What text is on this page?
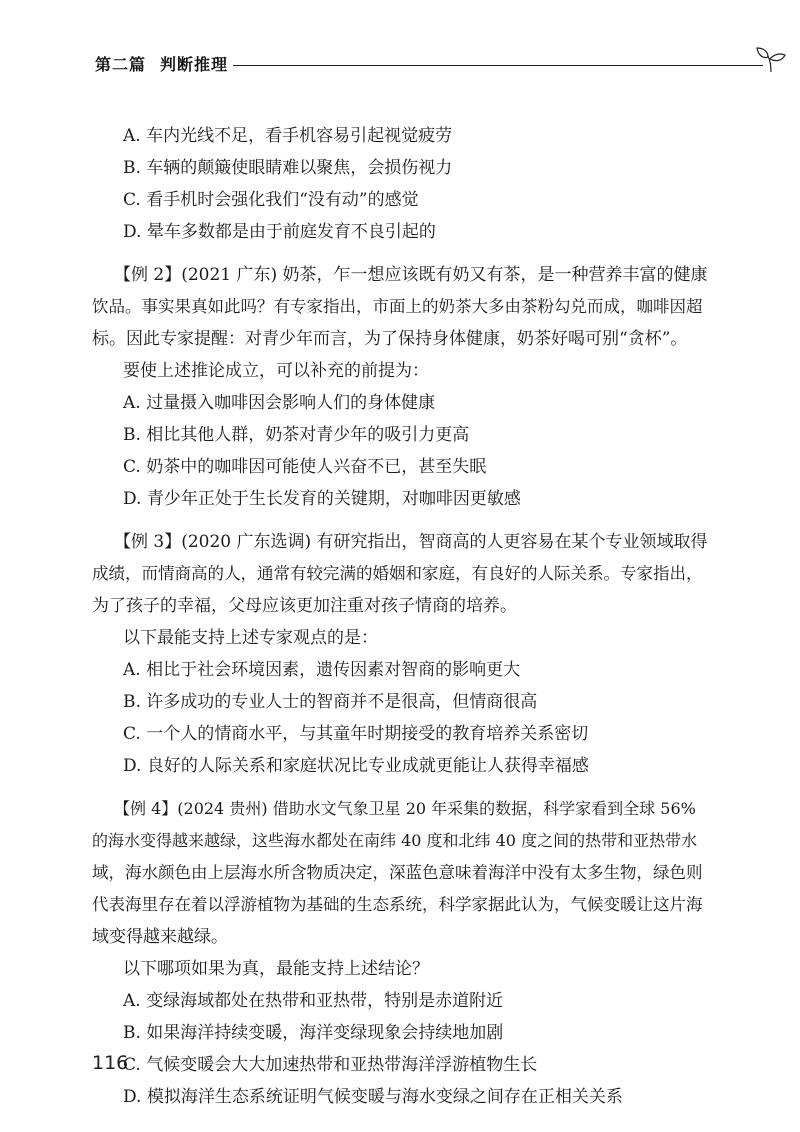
第二篇 判断推理
A. 车内光线不足，看手机容易引起视觉疲劳
B. 车辆的颠簸使眼睛难以聚焦，会损伤视力
C. 看手机时会强化我们“没有动”的感觉
D. 晕车多数都是由于前庭发育不良引起的
【例 2】(2021 广东) 奶茶，乍一想应该既有奶又有茶，是一种营养丰富的健康
饮品。事实果真如此吗？有专家指出，市面上的奶茶大多由茶粉勾兑而成，咖啡因超
标。因此专家提醒：对青少年而言，为了保持身体健康，奶茶好喝可别“贪杯”。
要使上述推论成立，可以补充的前提为：
A. 过量摄入咖啡因会影响人们的身体健康
B. 相比其他人群，奶茶对青少年的吸引力更高
C. 奶茶中的咖啡因可能使人兴奋不已，甚至失眠
D. 青少年正处于生长发育的关键期，对咖啡因更敏感
【例 3】(2020 广东选调) 有研究指出，智商高的人更容易在某个专业领域取得
成绩，而情商高的人，通常有较完满的婚姻和家庭，有良好的人际关系。专家指出，
为了孩子的幸福，父母应该更加注重对孩子情商的培养。
以下最能支持上述专家观点的是：
A. 相比于社会环境因素，遗传因素对智商的影响更大
B. 许多成功的专业人士的智商并不是很高，但情商很高
C. 一个人的情商水平，与其童年时期接受的教育培养关系密切
D. 良好的人际关系和家庭状况比专业成就更能让人获得幸福感
【例 4】(2024 贵州) 借助水文气象卫星 20 年采集的数据，科学家看到全球 56%
的海水变得越来越绿，这些海水都处在南纬 40 度和北纬 40 度之间的热带和亚热带水
域，海水颜色由上层海水所含物质决定，深蓝色意味着海洋中没有太多生物，绿色则
代表海里存在着以浮游植物为基础的生态系统，科学家据此认为，气候变暖让这片海
域变得越来越绿。
以下哪项如果为真，最能支持上述结论？
A. 变绿海域都处在热带和亚热带，特别是赤道附近
B. 如果海洋持续变暖，海洋变绿现象会持续地加剧
C. 气候变暖会大大加速热带和亚热带海洋浮游植物生长
D. 模拟海洋生态系统证明气候变暖与海水变绿之间存在正相关关系
116
